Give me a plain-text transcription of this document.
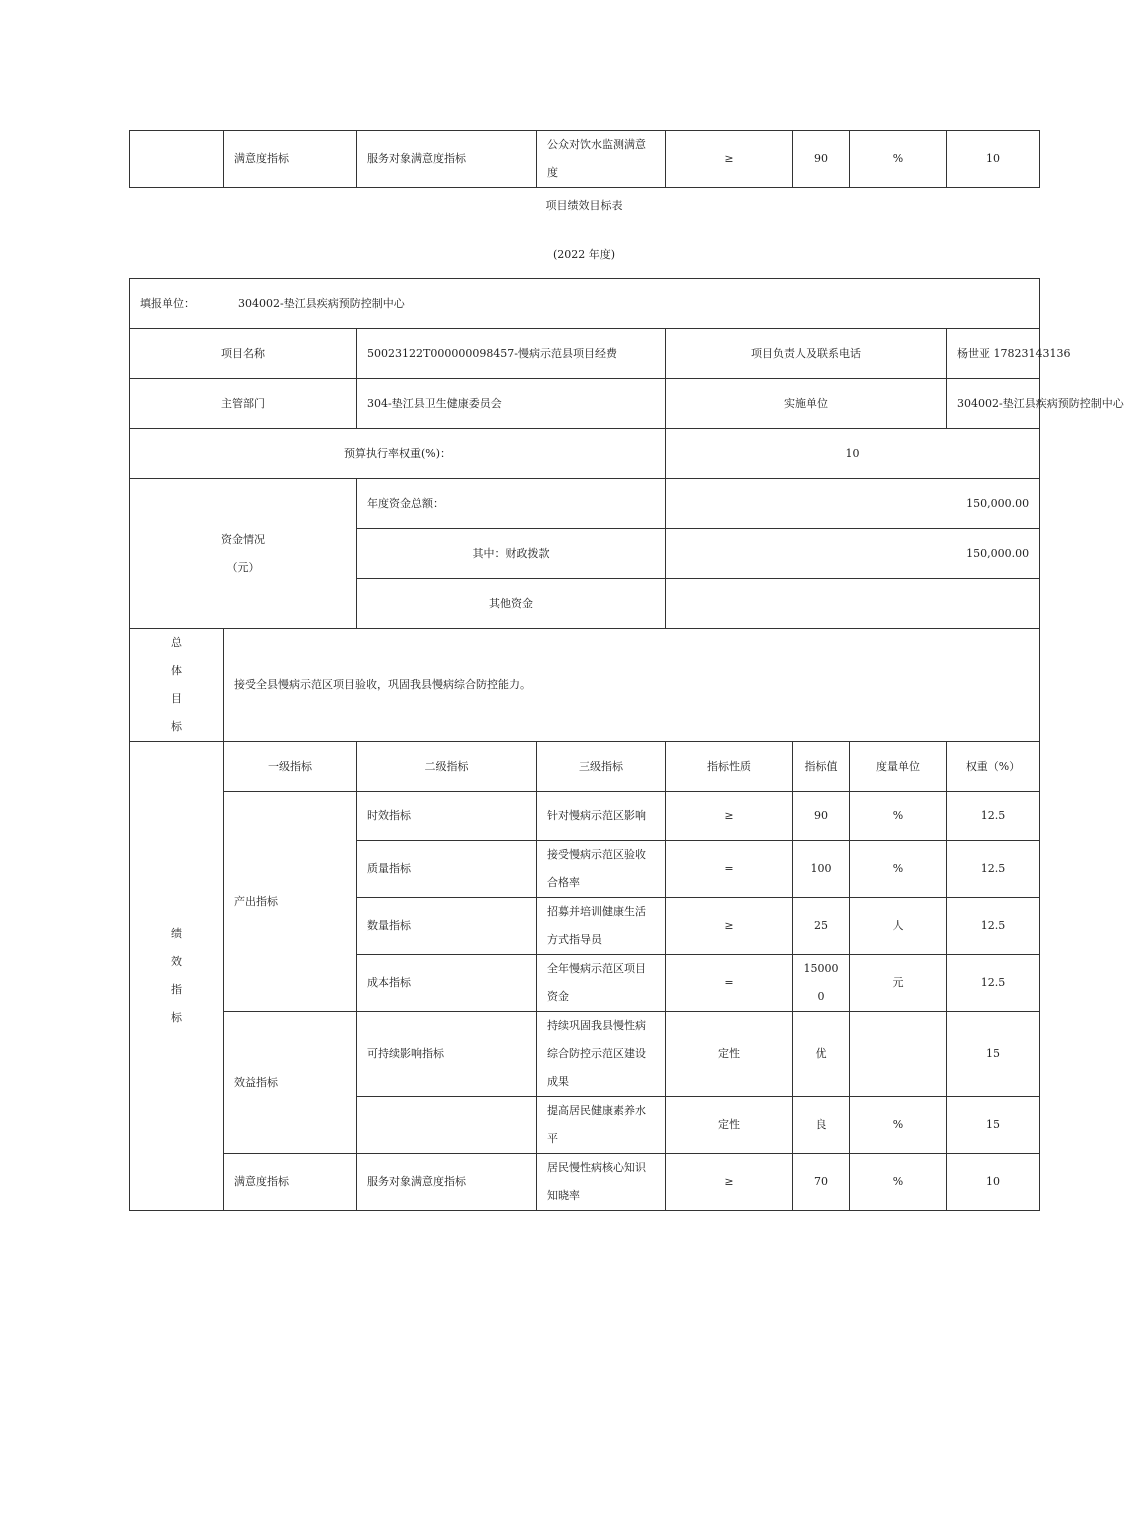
	满意度指标	服务对象满意度指标	公众对饮水监测满意度	≥	90	%	10
项目绩效目标表
(2022 年度)
填报单位： 304002-垫江县疾病预防控制中心							
项目名称		50023122T000000098457-慢病示范县项目经费		项目负责人及联系电话			杨世亚 17823143136
主管部门		304-垫江县卫生健康委员会		实施单位			304002-垫江县疾病预防控制中心
预算执行率权重(%)：				10			

资金情况
（元）		年度资金总额：		150,000.00			
		其中：财政拨款		150,000.00			
		其他资金					

总
体
目
标	接受全县慢病示范区项目验收，巩固我县慢病综合防控能力。						

绩
效
指
标	一级指标	二级指标	三级指标	指标性质	指标值	度量单位	权重（%）
	产出指标	时效指标	针对慢病示范区影响	≥	90	%	12.5
		质量指标	接受慢病示范区验收合格率	=	100	%	12.5
		数量指标	招募并培训健康生活方式指导员	≥	25	人	12.5
		成本指标	全年慢病示范区项目资金	=	150000	元	12.5
	效益指标	可持续影响指标	持续巩固我县慢性病综合防控示范区建设成果	定性	优		15
			提高居民健康素养水平	定性	良	%	15
	满意度指标	服务对象满意度指标	居民慢性病核心知识知晓率	≥	70	%	10
